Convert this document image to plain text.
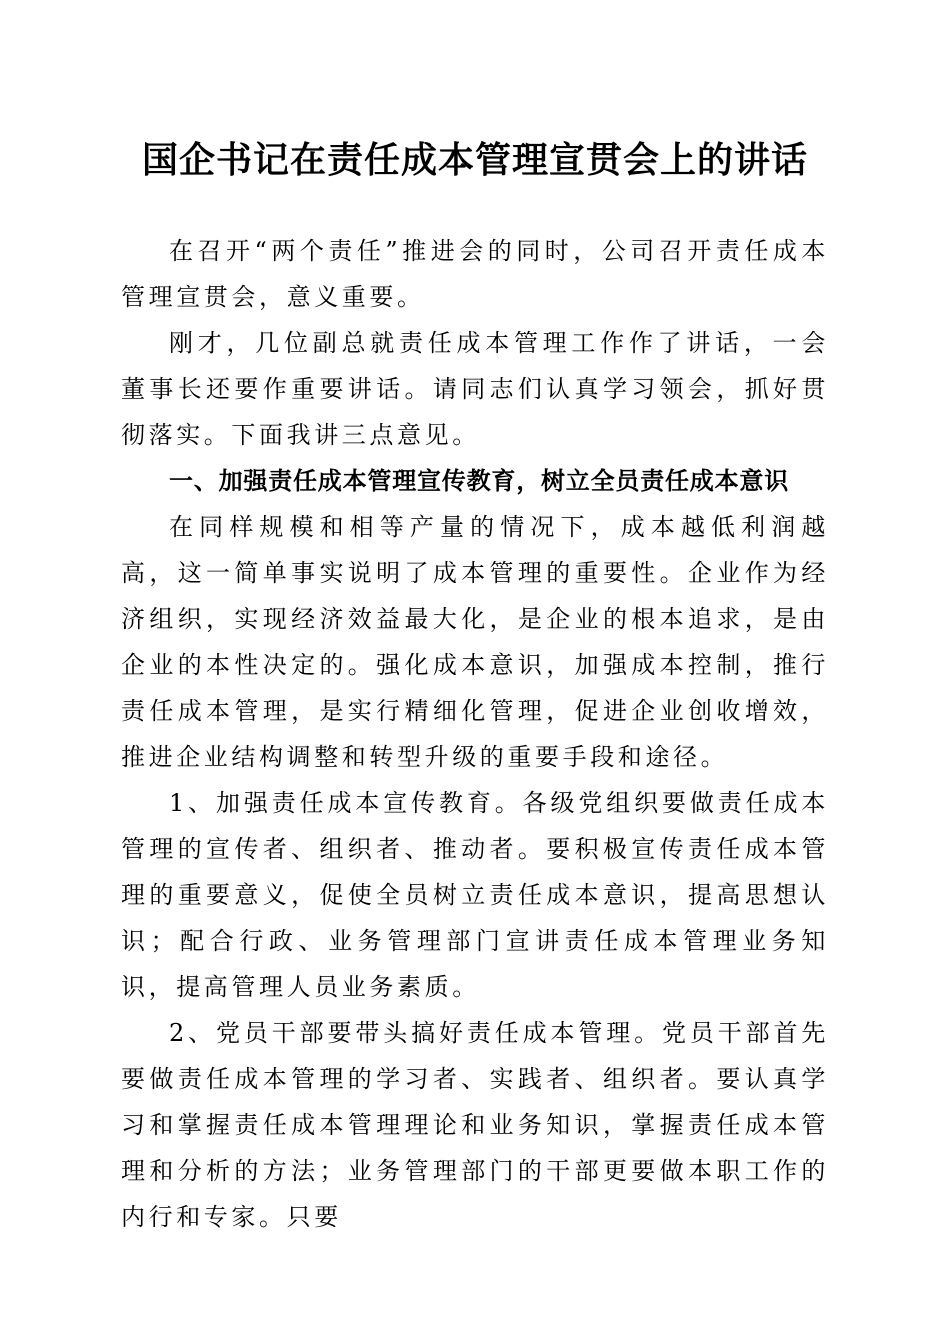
国企书记在责任成本管理宣贯会上的讲话

在召开“两个责任”推进会的同时，公司召开责任成本管理宣贯会，意义重要。

刚才，几位副总就责任成本管理工作作了讲话，一会董事长还要作重要讲话。请同志们认真学习领会，抓好贯彻落实。下面我讲三点意见。

一、加强责任成本管理宣传教育，树立全员责任成本意识

在同样规模和相等产量的情况下，成本越低利润越高，这一简单事实说明了成本管理的重要性。企业作为经济组织，实现经济效益最大化，是企业的根本追求，是由企业的本性决定的。强化成本意识，加强成本控制，推行责任成本管理，是实行精细化管理，促进企业创收增效，推进企业结构调整和转型升级的重要手段和途径。

1、加强责任成本宣传教育。各级党组织要做责任成本管理的宣传者、组织者、推动者。要积极宣传责任成本管理的重要意义，促使全员树立责任成本意识，提高思想认识；配合行政、业务管理部门宣讲责任成本管理业务知识，提高管理人员业务素质。

2、党员干部要带头搞好责任成本管理。党员干部首先要做责任成本管理的学习者、实践者、组织者。要认真学习和掌握责任成本管理理论和业务知识，掌握责任成本管理和分析的方法；业务管理部门的干部更要做本职工作的内行和专家。只要
